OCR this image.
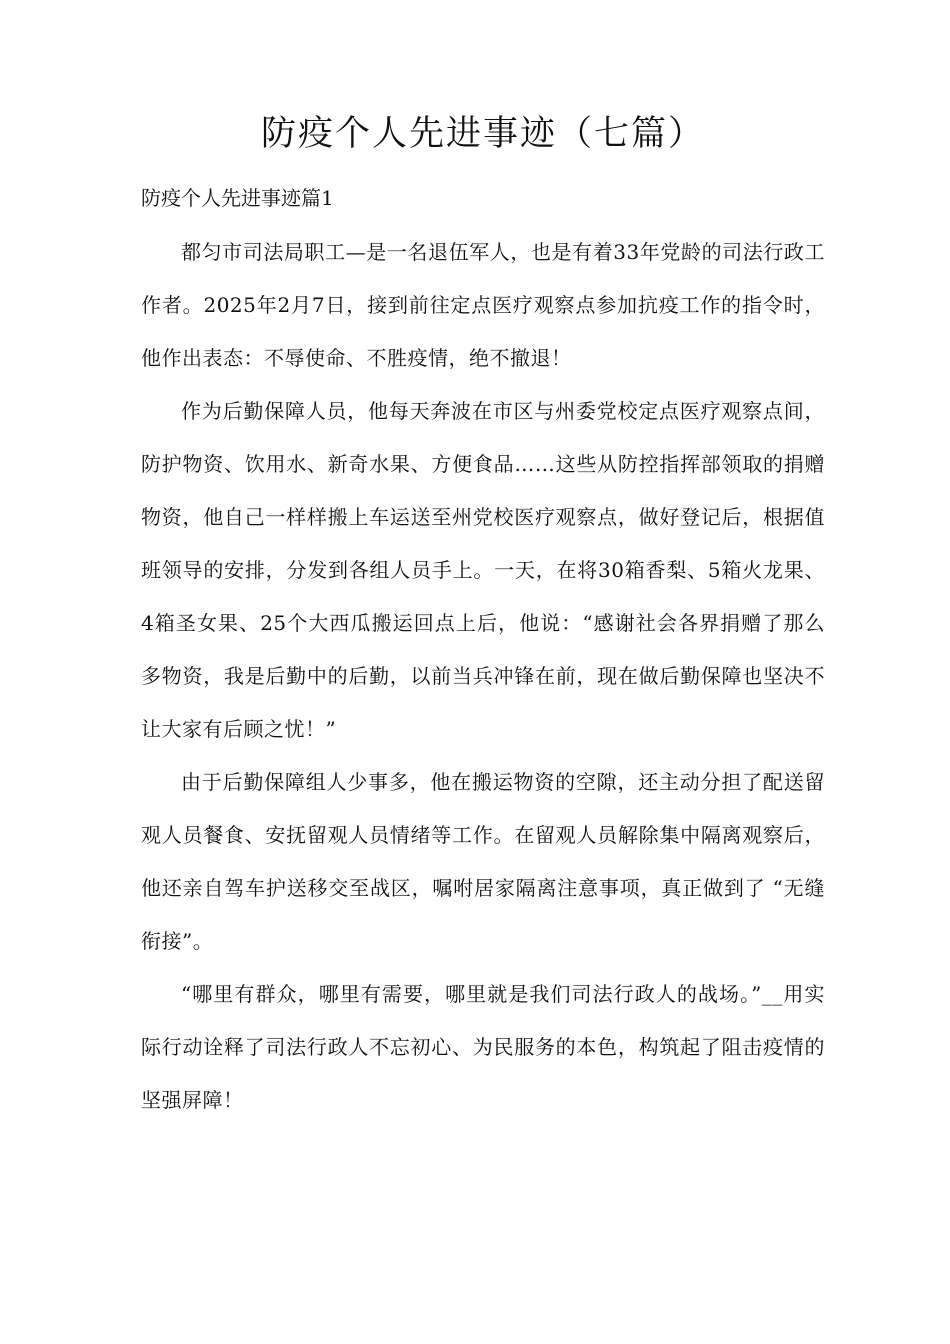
防疫个人先进事迹（七篇）
防疫个人先进事迹篇1

都匀市司法局职工—是一名退伍军人，也是有着33年党龄的司法行政工作者。2025年2月7日，接到前往定点医疗观察点参加抗疫工作的指令时，他作出表态：不辱使命、不胜疫情，绝不撤退！

作为后勤保障人员，他每天奔波在市区与州委党校定点医疗观察点间，防护物资、饮用水、新奇水果、方便食品……这些从防控指挥部领取的捐赠物资，他自己一样样搬上车运送至州党校医疗观察点，做好登记后，根据值班领导的安排，分发到各组人员手上。一天，在将30箱香梨、5箱火龙果、4箱圣女果、25个大西瓜搬运回点上后，他说：“感谢社会各界捐赠了那么多物资，我是后勤中的后勤，以前当兵冲锋在前，现在做后勤保障也坚决不让大家有后顾之忧！”

由于后勤保障组人少事多，他在搬运物资的空隙，还主动分担了配送留观人员餐食、安抚留观人员情绪等工作。在留观人员解除集中隔离观察后，他还亲自驾车护送移交至战区，嘱咐居家隔离注意事项，真正做到了 “无缝衔接”。

“哪里有群众，哪里有需要，哪里就是我们司法行政人的战场。”__用实际行动诠释了司法行政人不忘初心、为民服务的本色，构筑起了阻击疫情的坚强屏障！
